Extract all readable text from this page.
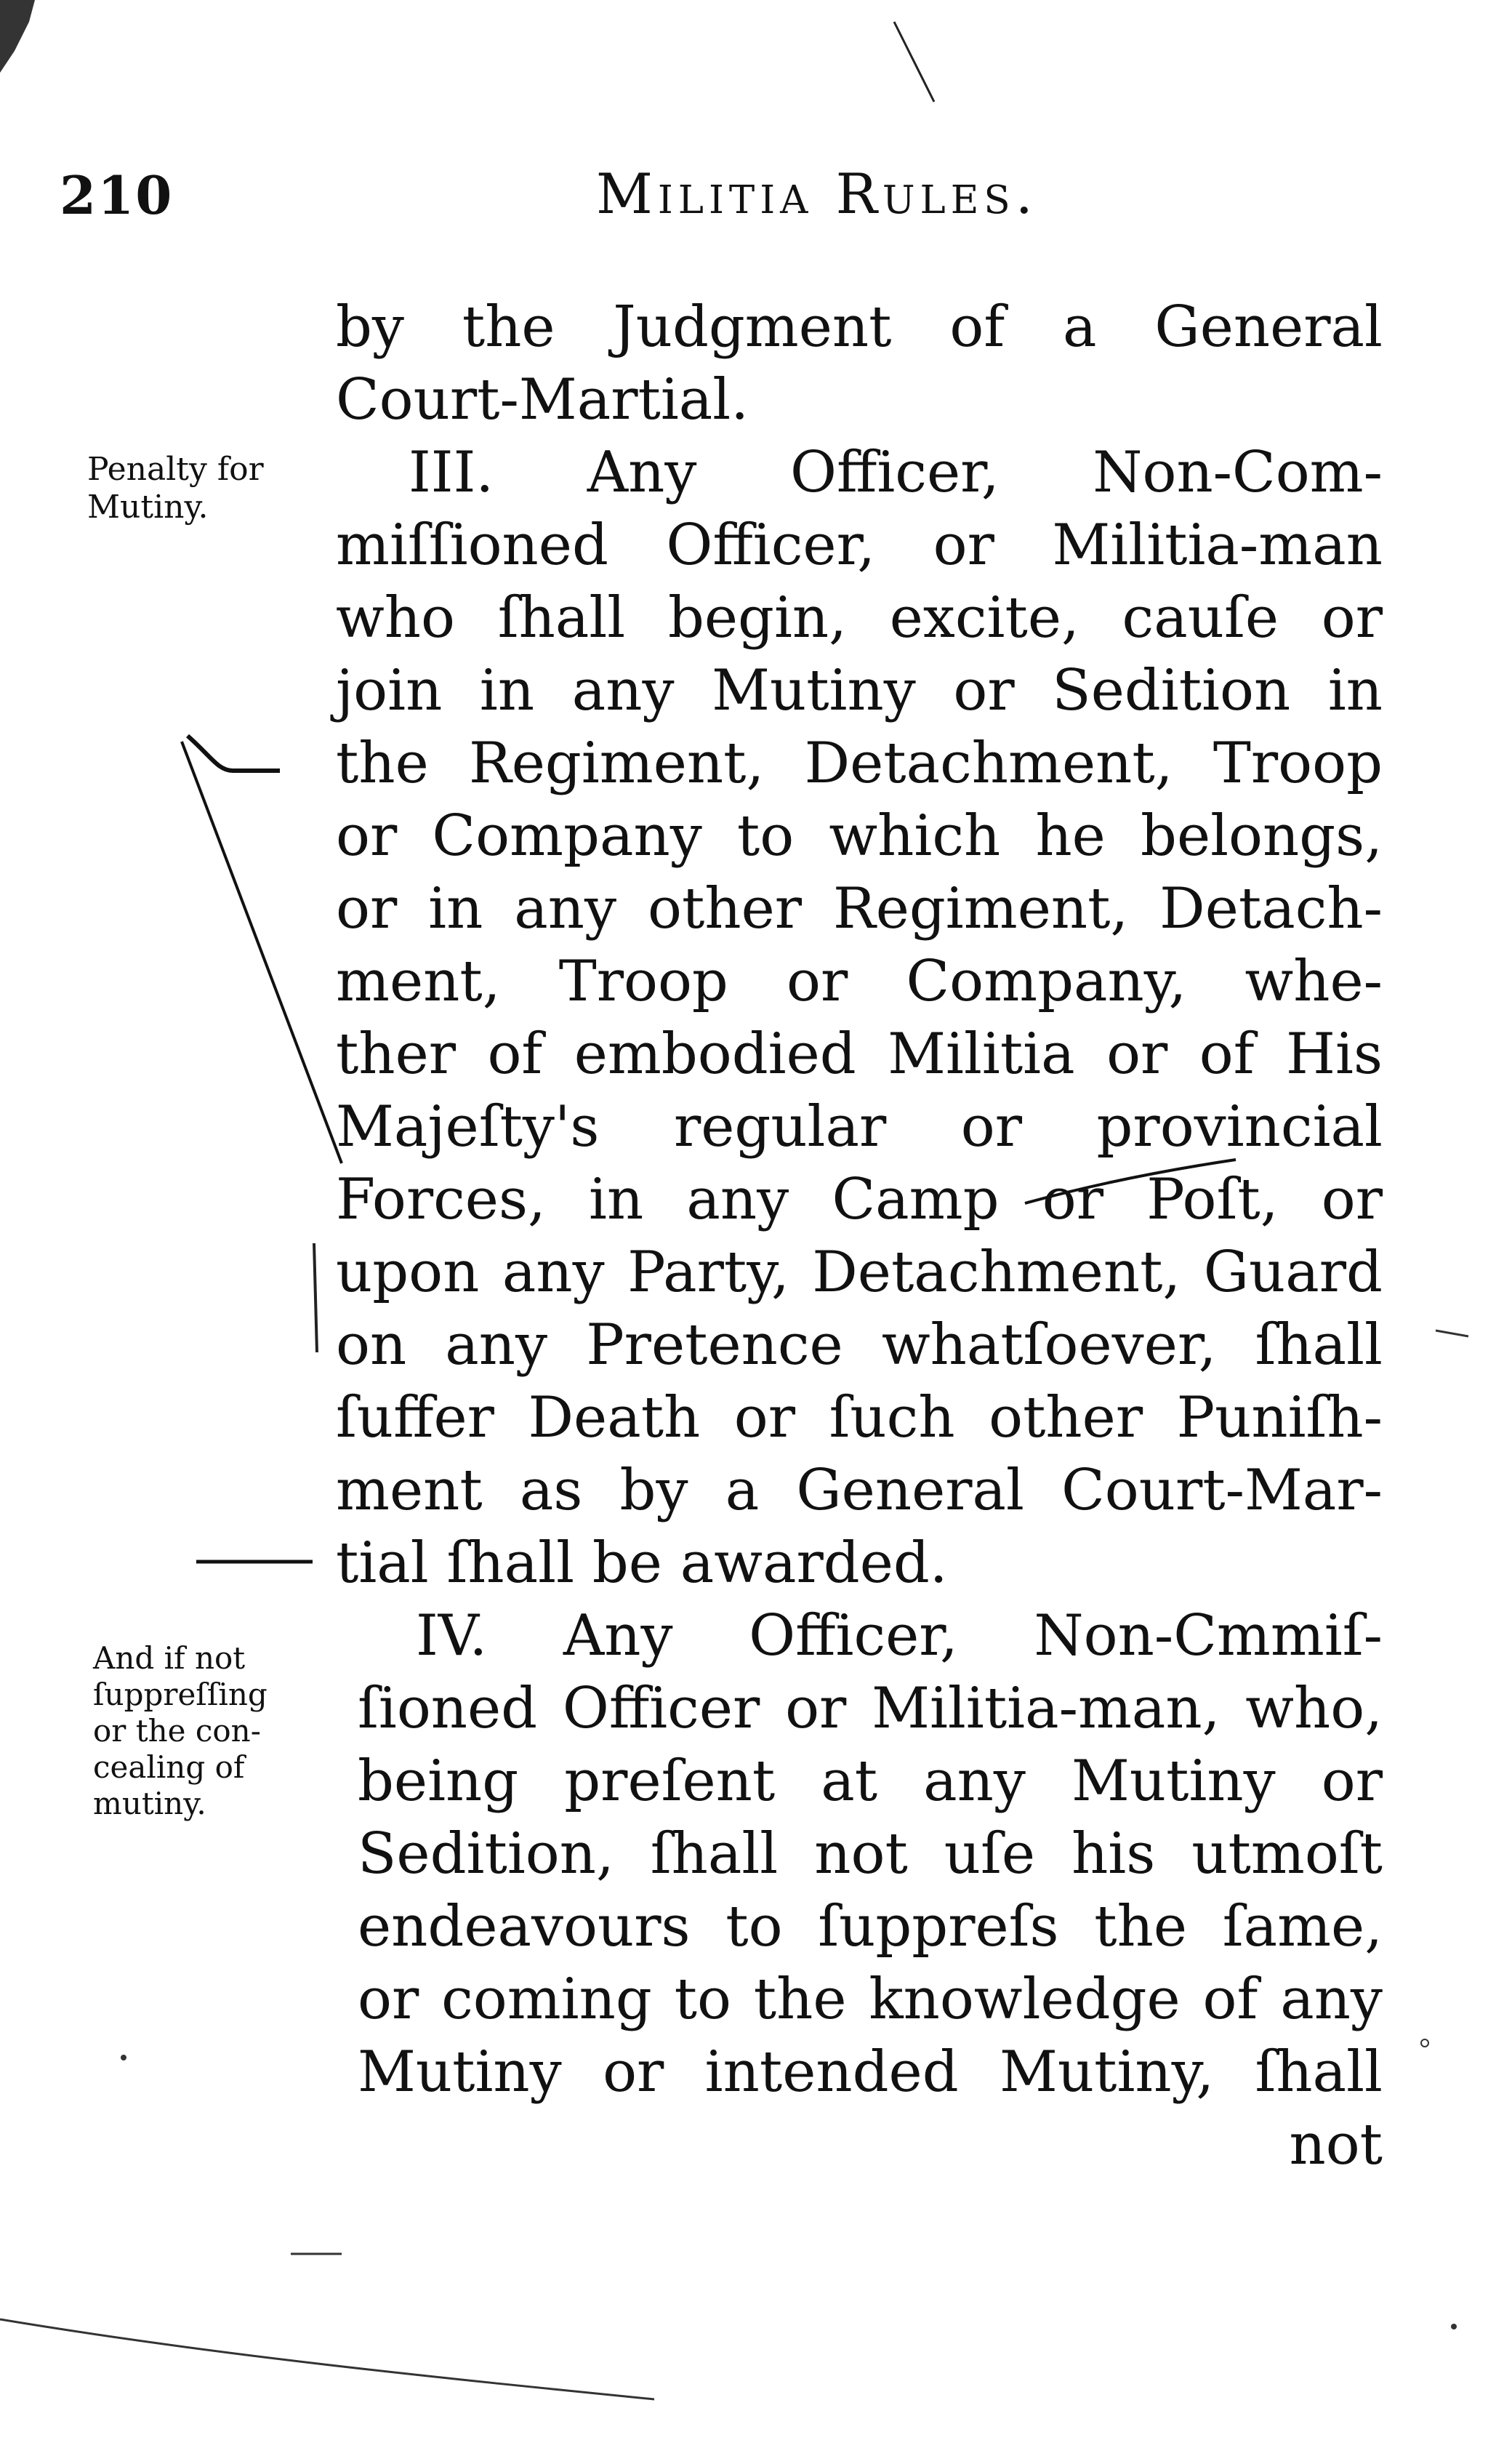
210	Militia Rules.
Penalty for
Mutiny.
And if not
ſuppreſſing
or the con-
cealing of
mutiny.
by the Judgment of a General
Court-Martial.
III. Any Officer, Non-Com-
miſſioned Officer, or Militia-man
who ſhall begin, excite, cauſe or
join in any Mutiny or Sedition in
the Regiment, Detachment, Troop
or Company to which he belongs,
or in any other Regiment, Detach-
ment, Troop or Company, whe-
ther of embodied Militia or of His
Majeſty's regular or provincial
Forces, in any Camp or Poſt, or
upon any Party, Detachment, Guard
on any Pretence whatſoever, ſhall
ſuffer Death or ſuch other Puniſh-
ment as by a General Court-Mar-
tial ſhall be awarded.
IV. Any Officer, Non-Cmmiſ-
ſioned Officer or Militia-man, who,
being preſent at any Mutiny or
Sedition, ſhall not uſe his utmoſt
endeavours to ſuppreſs the ſame,
or coming to the knowledge of any
Mutiny or intended Mutiny, ſhall
not
